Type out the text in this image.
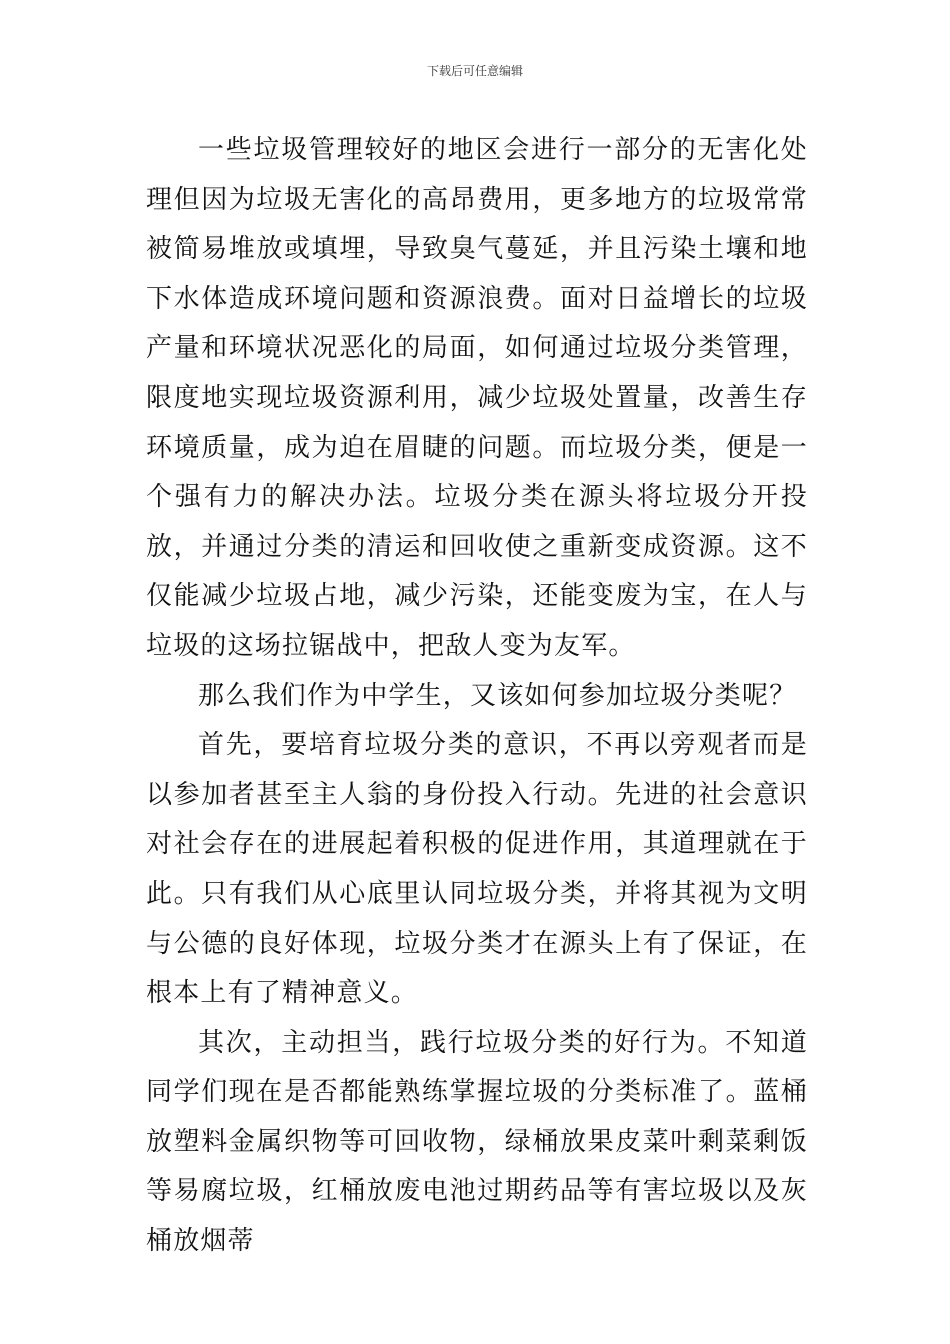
下载后可任意编辑

一些垃圾管理较好的地区会进行一部分的无害化处理但因为垃圾无害化的高昂费用，更多地方的垃圾常常被简易堆放或填埋，导致臭气蔓延，并且污染土壤和地下水体造成环境问题和资源浪费。面对日益增长的垃圾产量和环境状况恶化的局面，如何通过垃圾分类管理，限度地实现垃圾资源利用，减少垃圾处置量，改善生存环境质量，成为迫在眉睫的问题。而垃圾分类，便是一个强有力的解决办法。垃圾分类在源头将垃圾分开投放，并通过分类的清运和回收使之重新变成资源。这不仅能减少垃圾占地，减少污染，还能变废为宝，在人与垃圾的这场拉锯战中，把敌人变为友军。

那么我们作为中学生，又该如何参加垃圾分类呢？

首先，要培育垃圾分类的意识，不再以旁观者而是以参加者甚至主人翁的身份投入行动。先进的社会意识对社会存在的进展起着积极的促进作用，其道理就在于此。只有我们从心底里认同垃圾分类，并将其视为文明与公德的良好体现，垃圾分类才在源头上有了保证，在根本上有了精神意义。

其次，主动担当，践行垃圾分类的好行为。不知道同学们现在是否都能熟练掌握垃圾的分类标准了。蓝桶放塑料金属织物等可回收物，绿桶放果皮菜叶剩菜剩饭等易腐垃圾，红桶放废电池过期药品等有害垃圾以及灰桶放烟蒂
